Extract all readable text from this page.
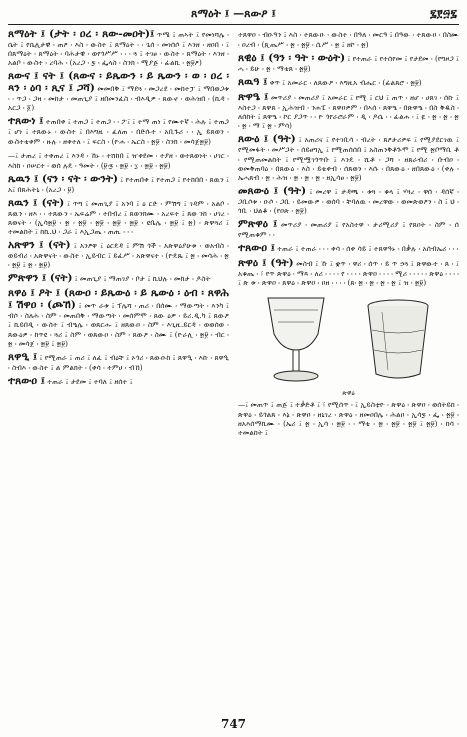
ጸማዕት ፤ —ጸውዖ ፤	፯፻፵፯
ጸማዕት ፤ (ታት ፡ ዐረ ፡ ጸው-መዐት)፤ ጥሜ ፤ ጠኣት ፤ የመነሻሌ ፡ ሴት ፤ የሴሊታዊ ፡ ጠዖ ፡ እስ ፡ ውስተ ፤ ጸማዕት ፡ ፡ ጌሰ ፡ መነሰሶ ፤ እንዘ ፡ ዘዐበ ፡ ፤ በጸማዕት ፡ ጸማዕት ፡ ባሕታዊ ፡ ወየጎሥሥ ፡ ፡ ፡ ጓ ፤ ተገፀ ፡ ውስተ ፡ ጸማዕት ፡ እንዘ ፡ አልቦ ፡ ውስተ ፡ ረባሕ ፡ (አረጋ ፡ ፯ ፡ ፌላስ ፡ ስንክ ፡ ሚያጅ ፡ ፊልኪ ፡ ፳፱ዖ)
ጸውና ፤ ናት ፤ (ጸውና ፡ ይጼውን ፡ ይ ጼውን ፡ ወ ፡ ዐረ ፡ ጻን ፡ ዕባ ፡ ጺና ፤ ጋሻ) መመበቅ ፤ ማደጓ ፡ መጋረደ ፡ መከተፓ ፤ ማበወጋቱ ፡ ፡ ጥጋ ፡ ጋዛ ፡ መከታ ፡ መጠጊያ ፤ ዘበመንፈስ ፡ ብእዲዎ ፡ ጸውኖ ፡ ወሕዝበ ፡ (ኪዳ ፡ አርጋ ፡ ፩)
ተጸውነ ፤ ተጠበቀ ፤ ተጠጋ ፤ ተጠጋ ፡ ፡ ፖ፤ ፤ ተማ ጠነ ፤ የሙተኛ ፡ ሕሉ ፤ ተጠጋ ፤ ሆነ ፤ ተጸውኑ ፡ ውስተ ፤ በእግዚ ፡ ፈለጠ ፡ በድሱተ ፡ አቢጉሪ ፡ ፡ ኢ ይጸወን ፡ ውስተቴቀም ፡ ዙሉ ፡ ዘቀተለ ፡ ፤ ፍርስ ፡ (ዮሐ ፡ ኤርስ ፡ ፳፱ ፡ ስንክ ፡ መሳጀ፳፱)
—፤ ታጠረ ፤ ተቀጠረ ፤ እንዳ ፡ ኸኑ ፡ ተሸከበ ፤ ዠቀደመ ፡ ተያዘ ፡ ወተጸወነት ፡ ሀገር ፡ እስከ ፡ ዐሠርተ ፡ ወሰ ሉዴ ፡ ዓመት ፡ (፱፡፯ ፡ ፳፱ ፡ ፲ ፡ ፳፱ ፡ ፳፱)
ጼዉን ፤ (ናን ፡ ናት ፡ ውንት) ፤ የተጠበቀ ፤ የተጠጋ ፤ የተከበበ ፡ ጸዉን ፤ አ፤ በጸሕትኒ ፡ (አረጋ ፡ ፱)
ጸዉን ፤ (ናት) ፤ ጥግ ፤ መጠጊያ ፤ አንባ ፤ ዕ ርድ ፡ ምሽግ ፤ ገዳም ፡ አልቦ ፡ ጸዉን ፡ ዘእ ፡ ፡ ተጸውን ፡ ኤፍሬም ፡ ተበብረ ፤ ጸወንክሙ ፡ አረፍተ ፤ ጸወ ንከ ፡ ሀገረ ፡ ጸወናት ፡ (ኢሳ፳፱ ፡ ፳ ፡ ፳፱ ፡ ፳፱ ፡ ፳፱ ፡ ፳፱ ፡ ዩቤሌ ፡ ፳፱ ፤ ፳) ፡ ጽዋጓሪ ፤ ተመልከት ፤ ከኪ.ህ ፡ ጋራ ፤ እኢጋጤ ፡ ጠጢ ፡ ፡ ፡
አጽዋን ፤ (ናት) ፤ አንፆዋ ፤ ዕርዴዳ ፤ ምሽ ጎች ፡ አጽዋዕያሁቱ ፡ ወአብስ ፡ ወይብሪ ፡ አጽዋናት ፡ ውስተ ፡ ኢይብር ፤ ይፈሥ ፡ አጽዋናተ ፡ (ዮዴጼ ፤ ፳ ፡ መሳሕ ፡ ፳ ፡ ፳፱ ፤ ፳ ፡ ፳፱)
ምጽዋን ፤ (ናት) ፤ መጠጊያ ፤ ማጠገያ ፡ ቦታ ፤ ኪህሉ ፡ መከታ ፡ ዶስት
ጸዋዕ ፤ ዖት ፤ (ጸውዐ ፡ ይጼውዕ ፡ ይ ጼውዕ ፡ ዕብ ፡ ጸዋሕ ፤ ሽዋዐ ፡ (ጮኸ) ፤ መጥ ራቱ ፤ ፕሌሻ ፡ ጠሪ ፡ በሰሙ ፡ ማውጣት ፡ እንካ ፤ ብሶ ፡ ስለሕ ፡ ስም ፡ መጠበቅ ፡ ማውጣት ፡ መሰምሞ ፡ ጸው ዕዎ ፡ ይሪ.ዲ.ካ ፤ ጸውዖ ፤ ኪይበዲ ፡ ውስተ ፤ ብዔሌ ፡ ወጸርሑ ፤ ዘጸውዐ ፡ ስም ፡ እጊዚ.ይርዳ ፡ ወወሰወ ፡ ጸውዕዎ ፡ ከጥዩ ፡ ጓሪ ፤ ስም ፡ ወጸውዐ ፡ ስም ፡ ጸውዖ ፡ ስሙ ፤ (ዮራሊ ፡ ፳፱ ፡ ብር ፡ ፳ ፡ መሳጀ ፡ ፳፱ ፤ ፳፱)
ጸዋዒ ፤ ፤ የሚጠራ ፤ ጠሪ ፤ ለፈ ፤ ብዕቸ ፤ ኦጎሪ ፡ ጸውዑከ ፤ ጸዋዒ ፡ እኩ ፡ ጸዋዒ ፡ ስብእ ፡ ውስተ ፤ ል ምልክት ፡ (ቀሳ ፡ ተምሀ ፡ ብኸ)
ተጸውዐ ፤ ተጠራ ፤ ታደመ ፤ ተባለ ፤ ዘሰተ ፤
ተጸዋዐ ፡ ብዑዓን ፤ እስ ፡ ተጸውዑ ፡ ውስተ ፡ በዓለ ፡ መርዓ ፤ በዓው ፡ ተጸውዐ ፡ በስሙ ፡ ዐረብ ፡ (ጺጤሥ ፡ ፳ ፡ ፳፱ ፡ ሲሥ ፡ ፳ ፤ ዘኮ ፡ ፳)
ጸዊዕ ፤ (ዓን ፡ ዓት ፡ ውዕት) ፤ የተጠራ ፤ የተሰየመ ፤ የታደመ ፡ (የግዞጋ ፤ ሓ ፡ ይሁ ፡ ፳ ፡ ማቴጸ ፡ ፳፱)
ጸዉዓ ፤ ቀጥ ፤ አመራር ፡ ለጸውዖ ፡ እግዚአ ብሔር ፡ (ፊልጸሮ ፡ ፳፱)
ጽዋዔ ፤ መጥሪያ ፡ መጠሪያ ፤ አመራር ፤ የሚ ፤ ርህ ፤ ጠጥ ፡ ዘሆ ፡ ሀጸገ ፡ ሰኩ ፤ እስተጋ ፡ ጸዋጸ ፡ ኢሕዝብ ፡ ንሐፒ ፡ ጸዋዐዎም ፡ በኣሰ ፡ ጸዋዔ ፡ በጽዋዔ ፡ በስ ቅዱስ ፡ ለሰከት ፤ ጸዋዔ ፡ ኮር ያጋጥ ፡ ፡ ዮ ጎየራሮራም ፡ ዲ ፡ ዶሴ ፡ ፡ ፊልሐ ፡ ፤ ዬ ፡ ፳ ፡ ፳ ፡ ፳ ፡ ፳ ፡ ማ ፤ ፳ ፡ ምሳ)
ጸውዕ ፤ (ዓት) ፤ አጠሪና ፤ የተገቢሳ ፡ ብረት ፡ ጸዖታሪዎፍ ፤ የሚያደርገዉ ፤ የሚመፋት ፡ መሥጋት ፡ ሰይፀግኢ ፤ የሚጠሰሰበ ፤ አስጠንቅቶጕሞ ፤ የሚ ፳ቦማቢ ቶ ፡ የሚጠመልከት ፤ የሚሟገጎጥቡ ፤ እንዴ ፡ ሺቶ ፡ ጋሻ ፡ ዘጸራብሪ ፡ ቡብዐ ፡ ወመቅጠባዕ ፡ በጸውዕ ፡ እስ ፡ ይቴቀብ ፡ ሰጸወን ፡ እሱ ፡ በጸውዕ ፡ ዘበጸውዕ ፡ (ቀሉ ፡ ኤሓጸብ ፡ ፳ ፡ ሕዝ ፡ ፳ ፡ ፳ ፡ ፳ ፡ ዘኢሳፀ ፡ ፳፱)
መጸውዕ ፤ (ዓት) ፤ መረዋ ፤ ታዳጫ ፡ ቱጓ ፡ ቁላ ፤ ሃጓረ ፡ ዋሰ ፡ ዳሰኛ ፡ ጋቢሶቱ ፡ ዑሶ ፡ ጋቢ ፡ ይመውዎ ፡ ወሰባ ፡ ቸባለዉ ፡ መረዋው ፡ ወመጽወዖን ፡ ስ ፤ ህ ፡ ጎቢ ፡ ህልቆ ፡ (የዐጵ ፡ ፳፱)
ምጽዋዕ ፤ መጥሪያ ፡ መጠሪያ ፤ የአስተዋ ፡ ታሪሚሪያ ፤ የጸዐት ፡ ስም ፡ ሰ የሚጠቁም ፡ ፡
ተጸውዐ ፤ ተጠራ ፤ ተጠራ ፡ ፡ ፡ ቀሳ ፡ ሰቀ ሳይ ፤ ተጸዋዓኑ ፡ በቃሉ ፡ አሰብኤሪ ፡ ፡ ፡
ጽዋዕ ፤ (ዓት) መስብ ፤ ኹ ፤ ቋጥ ፡ ዋሪ ፡ ሰጥ ፡ ይ ጥ ኃጓ ፤ ጽዋውተ ፡ ጸ ፡ ፤ አቁጤ ፡ ፣ የጥ ጽዋዕ ፡ ማጻ ፡ ለሪ ፡ ፡ ፡ ፡ የ ፡ ፡ ፡ ፡ ጽዋዐ ፡ ፡ ፡ ፡ ሚሪ ፡ ፡ ፡ ፡ ፡ ጽዋዕ ፡ ፡ ፡ ፡ ፤ ጽ ቱ ፡ ጽዋዐ ፡ ጸዋዕ ፡ ጽዋዐ ፡ ዐዘ ፡ ፡ ፡ ፡ (ጸ፡ ፳ ፡ ፳ ፡ ፳ ፡ ፳ ፤ ዝ ፡ ፳፱)
ጽዋዕ
—፤ መጠጥ ፤ ጠጅ ፤ ተቃድቶ ፤ ፣ የሚሰጥ ፡ ፤ ኢይስቲዮ ፡ ጽዋዕ ፡ ጽዋዐ ፡ ወሰትይከ ፡ ጽዋዕ ፡ ይጎልጸ ፡ እኔ ፡ ጽዋዐ ፡ ዘኒገረ ፡ ጽዋዕ ፡ ዘመዐበሌ ፡ ሕልዐ ፡ ኢሳ፯ ፡ ፌ ፡ ፳፱ ፡ ዘአእሰማኪሙ ፡ (ኤሪ ፤ ፳ ፡ ኢሳ ፡ ፳፱ ፡ ፡ ማቴ ፡ ፳ ፡ ፳፱ ፡ ፳፱ ፤ ፳፱) ፡ ከሳ ፡ ተመልከት ፤
747
